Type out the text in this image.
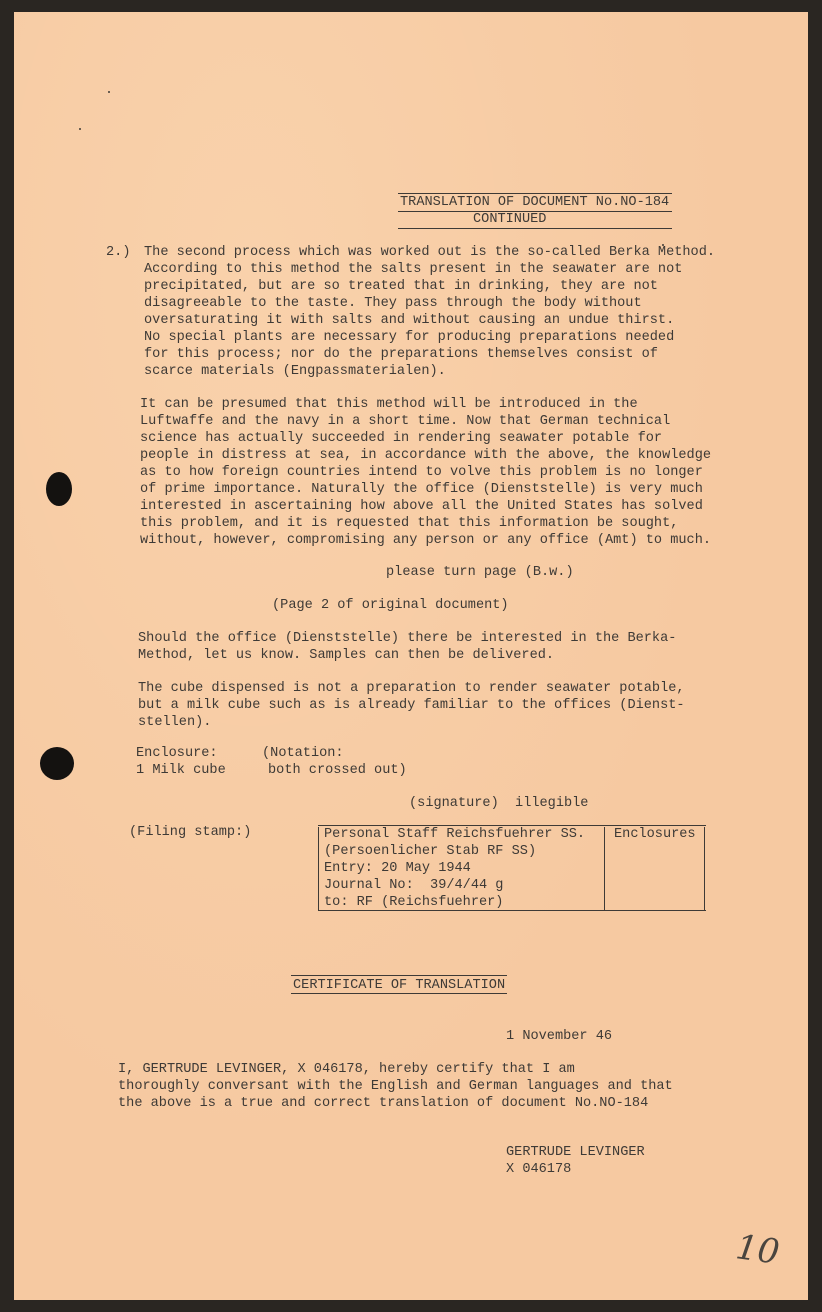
TRANSLATION OF DOCUMENT No.NO-184
CONTINUED
2.) The second process which was worked out is the so-called Berka Method.
According to this method the salts present in the seawater are not
precipitated, but are so treated that in drinking, they are not
disagreeable to the taste. They pass through the body without
oversaturating it with salts and without causing an undue thirst.
No special plants are necessary for producing preparations needed
for this process; nor do the preparations themselves consist of
scarce materials (Engpassmaterialen).
It can be presumed that this method will be introduced in the
Luftwaffe and the navy in a short time. Now that German technical
science has actually succeeded in rendering seawater potable for
people in distress at sea, in accordance with the above, the knowledge
as to how foreign countries intend to volve this problem is no longer
of prime importance. Naturally the office (Dienststelle) is very much
interested in ascertaining how above all the United States has solved
this problem, and it is requested that this information be sought,
without, however, compromising any person or any office (Amt) to much.
please turn page (B.w.)
(Page 2 of original document)
Should the office (Dienststelle) there be interested in the Berka-
Method, let us know. Samples can then be delivered.
The cube dispensed is not a preparation to render seawater potable,
but a milk cube such as is already familiar to the offices (Dienst-
stellen).
Enclosure:
1 Milk cube
(Notation:
both crossed out)
(signature)  illegible
(Filing stamp:)	Personal Staff Reichsfuehrer SS.
(Persoenlicher Stab RF SS)
Entry: 20 May 1944
Journal No:  39/4/44 g
to: RF (Reichsfuehrer)
Enclosures
CERTIFICATE OF TRANSLATION
1 November 46
I, GERTRUDE LEVINGER, X 046178, hereby certify that I am
thoroughly conversant with the English and German languages and that
the above is a true and correct translation of document No.NO-184
GERTRUDE LEVINGER
X 046178
10
